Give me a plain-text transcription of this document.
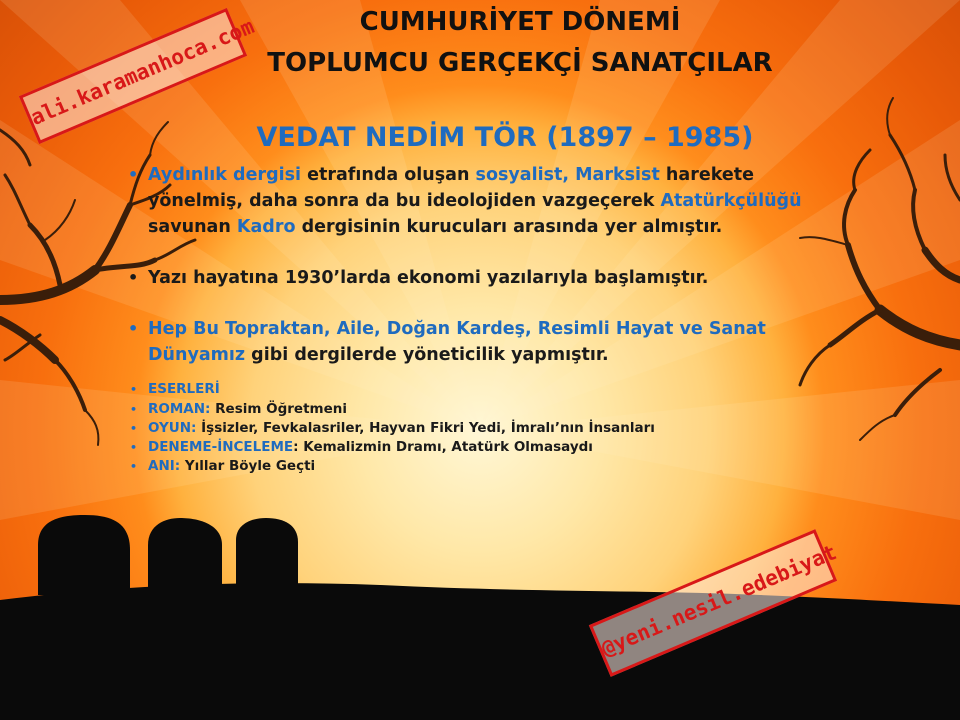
CUMHURİYET DÖNEMİ
TOPLUMCU GERÇEKÇİ SANATÇILAR
VEDAT NEDİM TÖR (1897 – 1985)
• Aydınlık dergisi etrafında oluşan sosyalist, Marksist harekete yönelmiş, daha sonra da bu ideolojiden vazgeçerek Atatürkçülüğü savunan Kadro dergisinin kurucuları arasında yer almıştır.
• Yazı hayatına 1930’larda ekonomi yazılarıyla başlamıştır.
• Hep Bu Topraktan, Aile, Doğan Kardeş, Resimli Hayat ve Sanat Dünyamız gibi dergilerde yöneticilik yapmıştır.
• ESERLERİ
• ROMAN: Resim Öğretmeni
• OYUN: İşsizler, Fevkalasriler, Hayvan Fikri Yedi, İmralı’nın İnsanları
• DENEME-İNCELEME: Kemalizmin Dramı, Atatürk Olmasaydı
• ANI: Yıllar Böyle Geçti
ali.karamanhoca.com
@yeni.nesil.edebiyat
